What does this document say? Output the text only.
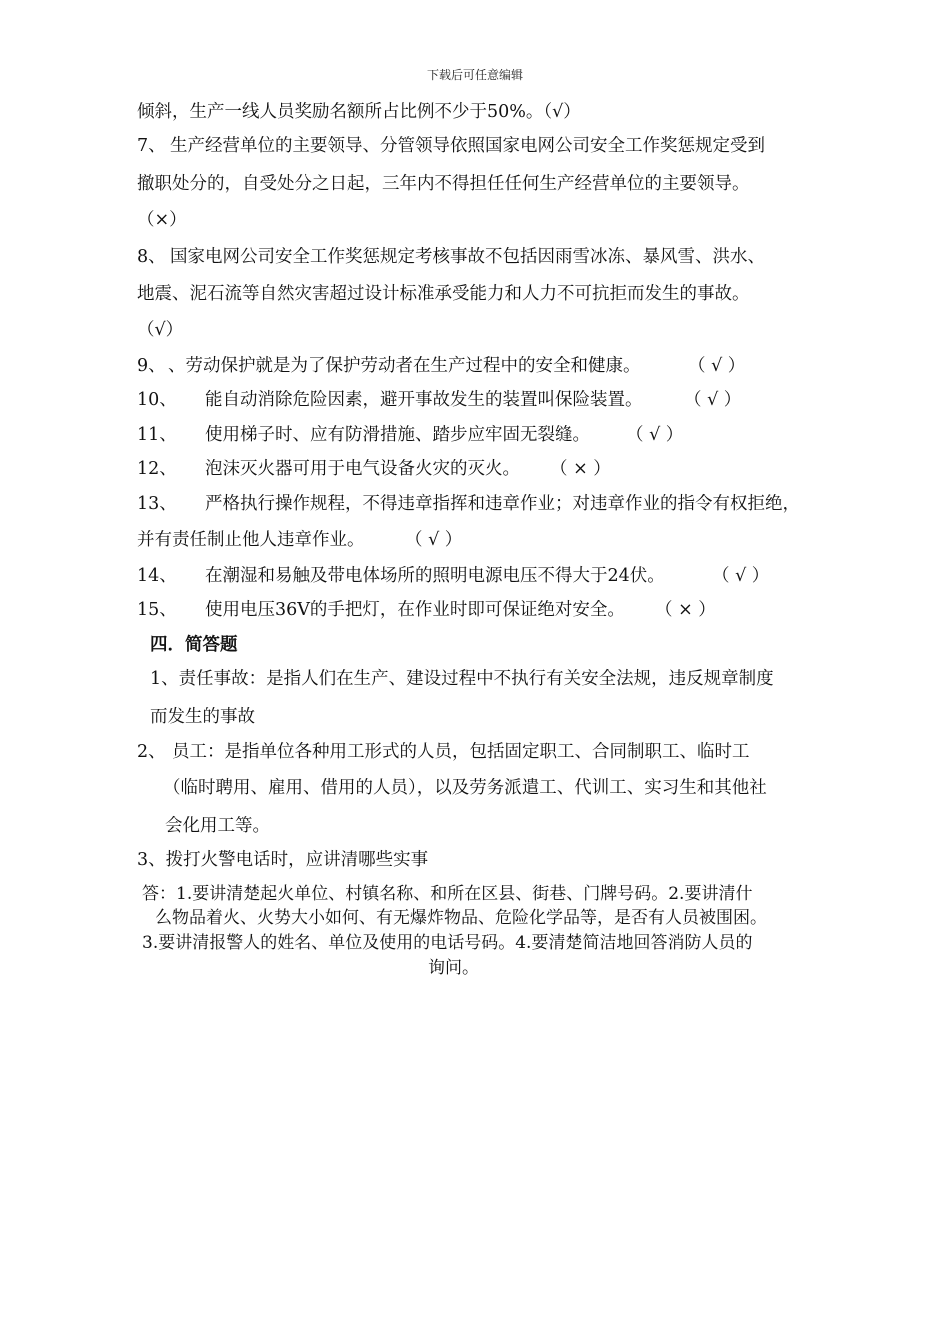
下载后可任意编辑
倾斜，生产一线人员奖励名额所占比例不少于50%。（√）
7、 生产经营单位的主要领导、分管领导依照国家电网公司安全工作奖惩规定受到
撤职处分的，自受处分之日起，三年内不得担任任何生产经营单位的主要领导。
（×）
8、 国家电网公司安全工作奖惩规定考核事故不包括因雨雪冰冻、暴风雪、洪水、
地震、泥石流等自然灾害超过设计标准承受能力和人力不可抗拒而发生的事故。
（√）
9、 、劳动保护就是为了保护劳动者在生产过程中的安全和健康。	（ √ ）
10、 能自动消除危险因素，避开事故发生的装置叫保险装置。 （ √ ）
11、 使用梯子时、应有防滑措施、踏步应牢固无裂缝。 （ √ ）
12、 泡沫灭火器可用于电气设备火灾的灭火。 （ × ）
13、 严格执行操作规程，不得违章指挥和违章作业；对违章作业的指令有权拒绝，
并有责任制止他人违章作业。 （ √ ）
14、 在潮湿和易触及带电体场所的照明电源电压不得大于24伏。	（ √ ）
15、 使用电压36V的手把灯，在作业时即可保证绝对安全。 （ × ）
四．简答题
1、责任事故：是指人们在生产、建设过程中不执行有关安全法规，违反规章制度
而发生的事故
2、 员工：是指单位各种用工形式的人员，包括固定职工、合同制职工、临时工
（临时聘用、雇用、借用的人员），以及劳务派遣工、代训工、实习生和其他社
会化用工等。
3、拨打火警电话时，应讲清哪些实事
答：1.要讲清楚起火单位、村镇名称、和所在区县、街巷、门牌号码。2.要讲清什
么物品着火、火势大小如何、有无爆炸物品、危险化学品等，是否有人员被围困。
3.要讲清报警人的姓名、单位及使用的电话号码。4.要清楚简洁地回答消防人员的
询问。
